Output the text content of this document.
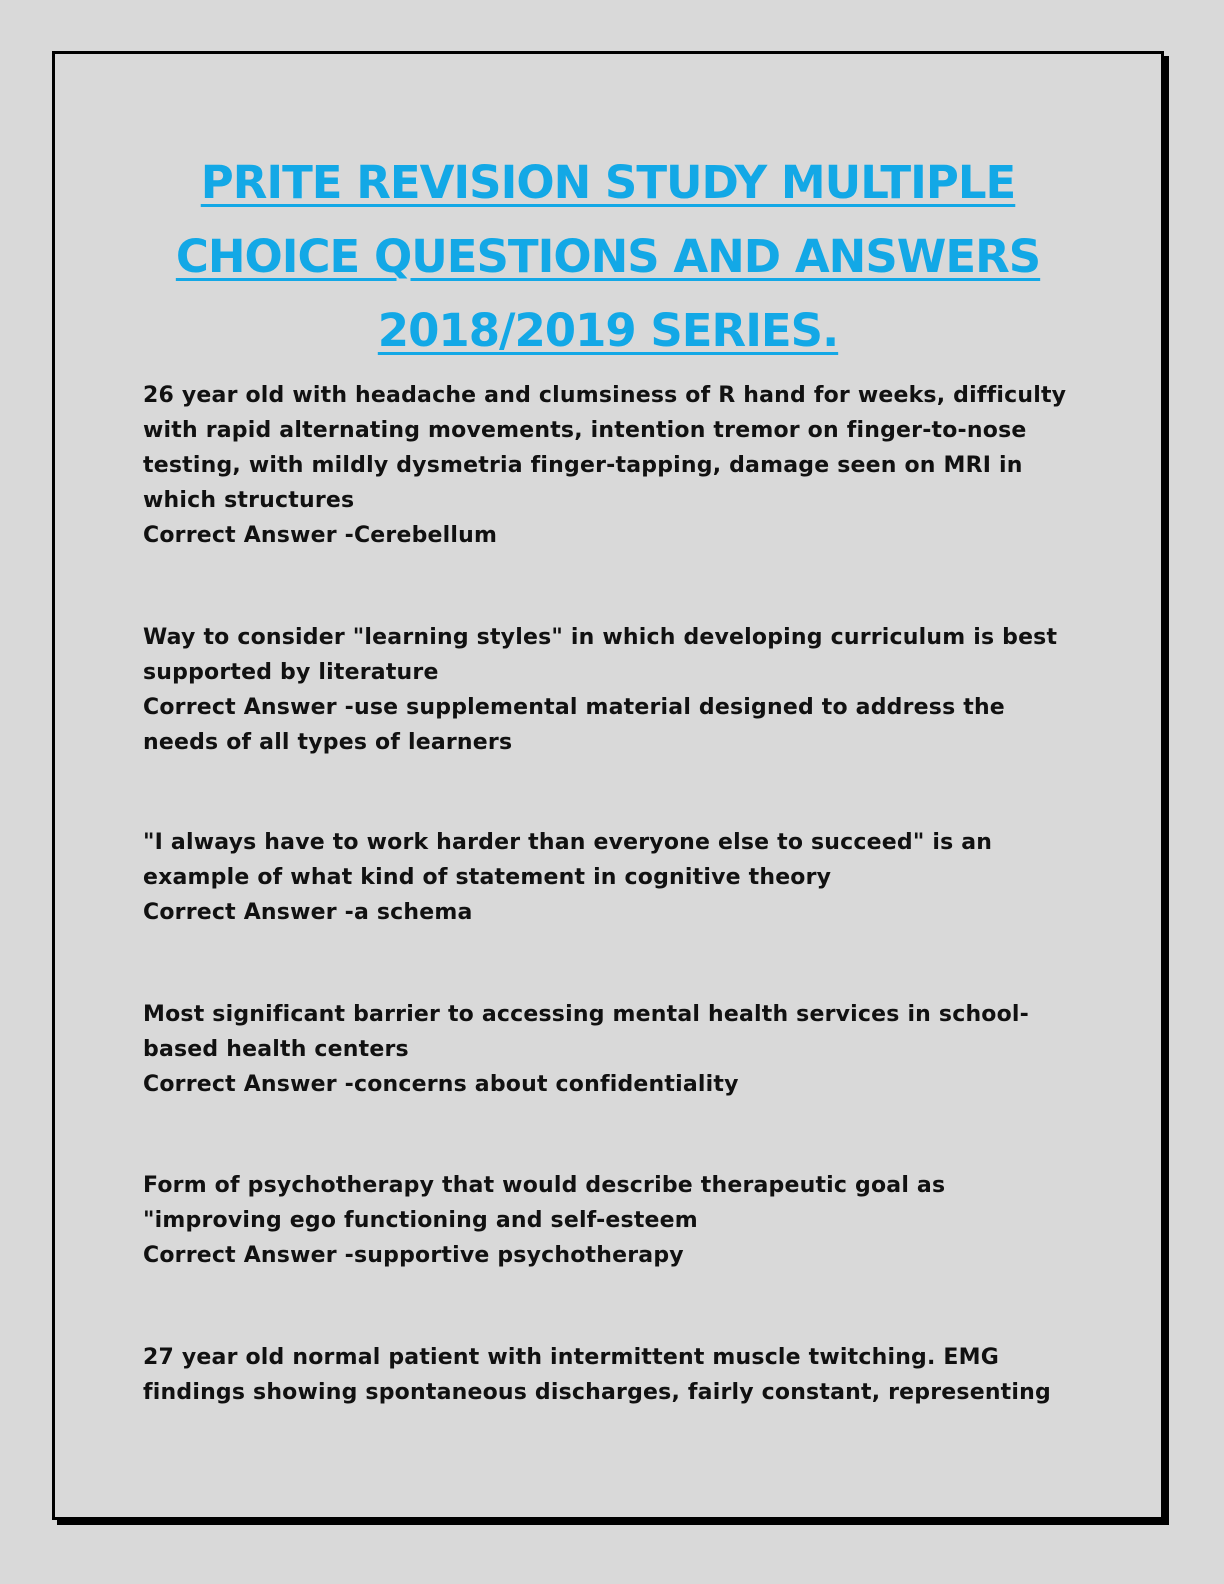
PRITE REVISION STUDY MULTIPLE
CHOICE QUESTIONS AND ANSWERS
2018/2019 SERIES.

26 year old with headache and clumsiness of R hand for weeks, difficulty with rapid alternating movements, intention tremor on finger-to-nose testing, with mildly dysmetria finger-tapping, damage seen on MRI in which structures

Correct Answer -Cerebellum

Way to consider "learning styles" in which developing curriculum is best supported by literature

Correct Answer -use supplemental material designed to address the needs of all types of learners

"I always have to work harder than everyone else to succeed" is an example of what kind of statement in cognitive theory

Correct Answer -a schema

Most significant barrier to accessing mental health services in school-based health centers

Correct Answer -concerns about confidentiality

Form of psychotherapy that would describe therapeutic goal as "improving ego functioning and self-esteem

Correct Answer -supportive psychotherapy

27 year old normal patient with intermittent muscle twitching. EMG findings showing spontaneous discharges, fairly constant, representing
